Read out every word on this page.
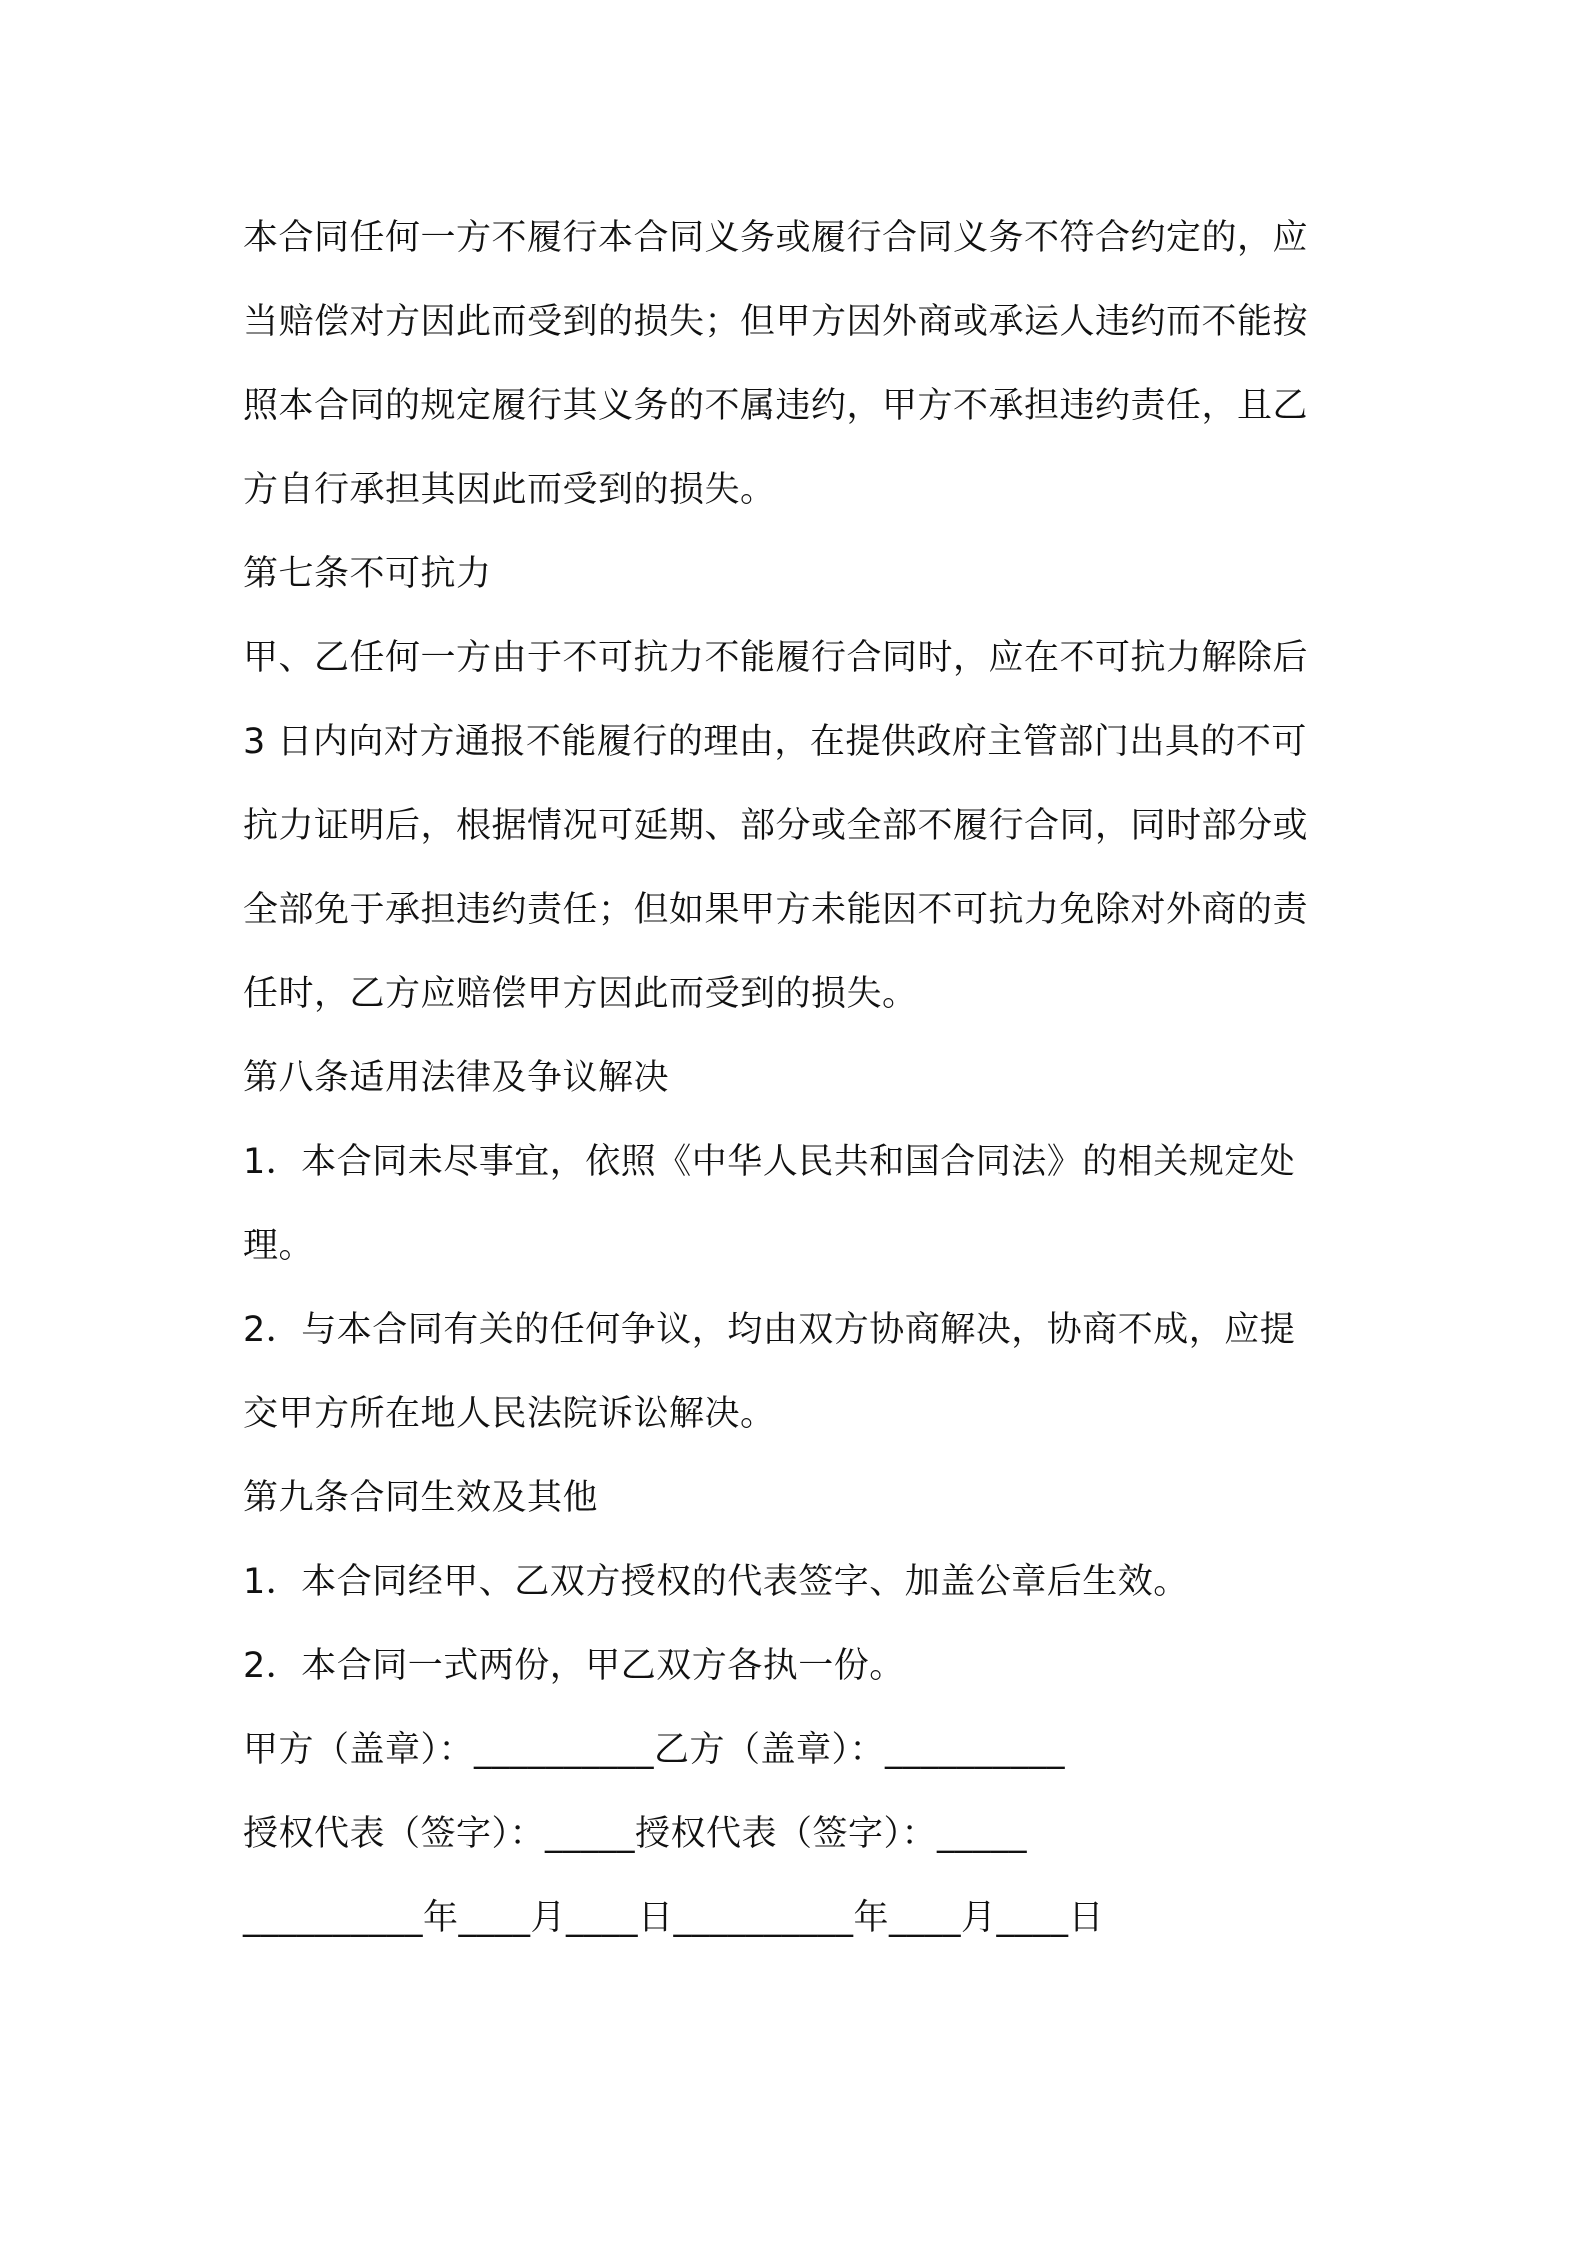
本合同任何一方不履行本合同义务或履行合同义务不符合约定的，应
当赔偿对方因此而受到的损失；但甲方因外商或承运人违约而不能按
照本合同的规定履行其义务的不属违约，甲方不承担违约责任，且乙
方自行承担其因此而受到的损失。
第七条不可抗力
甲、乙任何一方由于不可抗力不能履行合同时，应在不可抗力解除后
3 日内向对方通报不能履行的理由，在提供政府主管部门出具的不可
抗力证明后，根据情况可延期、部分或全部不履行合同，同时部分或
全部免于承担违约责任；但如果甲方未能因不可抗力免除对外商的责
任时，乙方应赔偿甲方因此而受到的损失。
第八条适用法律及争议解决
1．本合同未尽事宜，依照《中华人民共和国合同法》的相关规定处
理。
2．与本合同有关的任何争议，均由双方协商解决，协商不成，应提
交甲方所在地人民法院诉讼解决。
第九条合同生效及其他
1．本合同经甲、乙双方授权的代表签字、加盖公章后生效。
2．本合同一式两份，甲乙双方各执一份。
甲方（盖章）：__________乙方（盖章）：__________
授权代表（签字）：_____授权代表（签字）：_____
__________年____月____日__________年____月____日
